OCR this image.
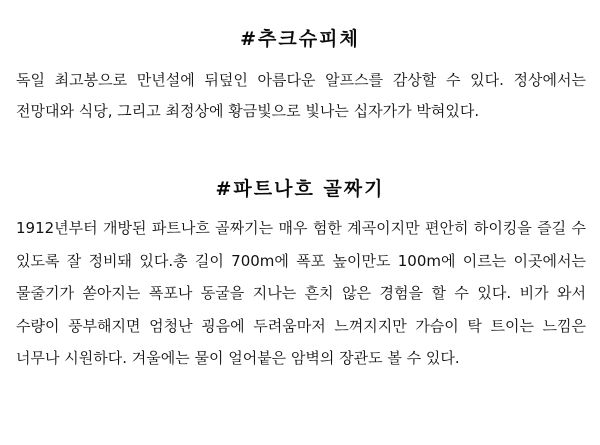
#추크슈피체

독일 최고봉으로 만년설에 뒤덮인 아름다운 알프스를 감상할 수 있다. 정상에서는 전망대와 식당, 그리고 최정상에 황금빛으로 빛나는 십자가가 박혀있다.

#파트나흐 골짜기

1912년부터 개방된 파트나흐 골짜기는 매우 험한 계곡이지만 편안히 하이킹을 즐길 수 있도록 잘 정비돼 있다.총 길이 700m에 폭포 높이만도 100m에 이르는 이곳에서는 물줄기가 쏟아지는 폭포나 동굴을 지나는 흔치 않은 경험을 할 수 있다. 비가 와서 수량이 풍부해지면 엄청난 굉음에 두려움마저 느껴지지만 가슴이 탁 트이는 느낌은 너무나 시원하다. 겨울에는 물이 얼어붙은 암벽의 장관도 볼 수 있다.
